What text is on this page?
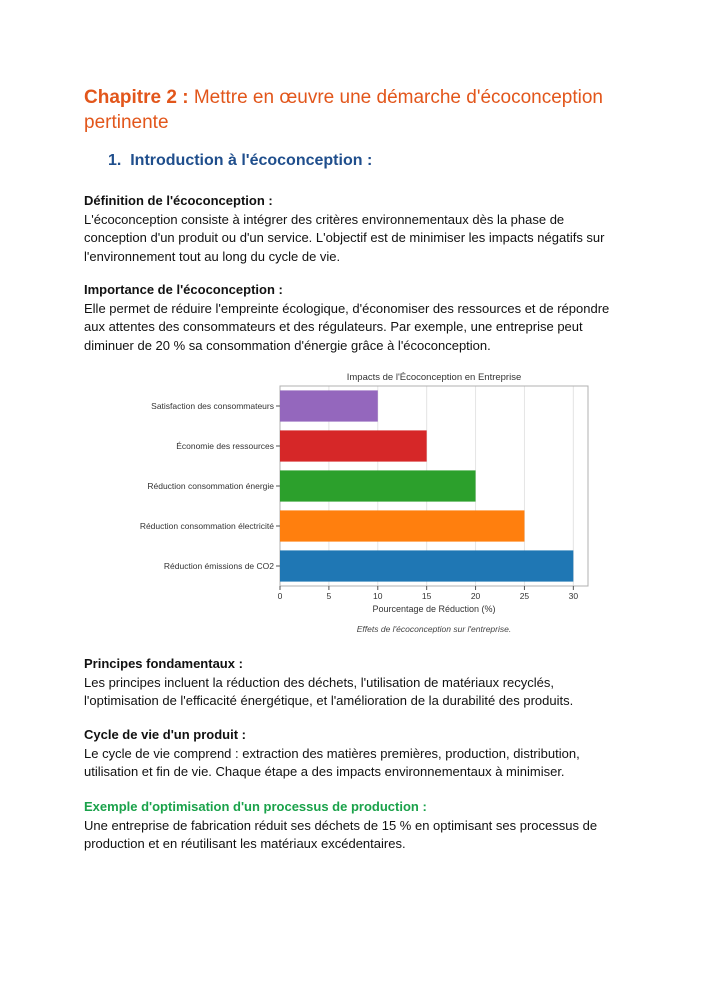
Chapitre 2 : Mettre en œuvre une démarche d'écoconception pertinente
1. Introduction à l'écoconception :
Définition de l'écoconception :
L'écoconception consiste à intégrer des critères environnementaux dès la phase de conception d'un produit ou d'un service. L'objectif est de minimiser les impacts négatifs sur l'environnement tout au long du cycle de vie.
Importance de l'écoconception :
Elle permet de réduire l'empreinte écologique, d'économiser des ressources et de répondre aux attentes des consommateurs et des régulateurs. Par exemple, une entreprise peut diminuer de 20 % sa consommation d'énergie grâce à l'écoconception.
Impacts de l'Écoconception en Entreprise
Satisfaction des consommateurs
Économie des ressources
Réduction consommation énergie
Réduction consommation électricité
Réduction émissions de CO2
0	5	10	15	20	25	30
Pourcentage de Réduction (%)
Effets de l'écoconception sur l'entreprise.
Principes fondamentaux :
Les principes incluent la réduction des déchets, l'utilisation de matériaux recyclés, l'optimisation de l'efficacité énergétique, et l'amélioration de la durabilité des produits.
Cycle de vie d'un produit :
Le cycle de vie comprend : extraction des matières premières, production, distribution, utilisation et fin de vie. Chaque étape a des impacts environnementaux à minimiser.
Exemple d'optimisation d'un processus de production :
Une entreprise de fabrication réduit ses déchets de 15 % en optimisant ses processus de production et en réutilisant les matériaux excédentaires.
